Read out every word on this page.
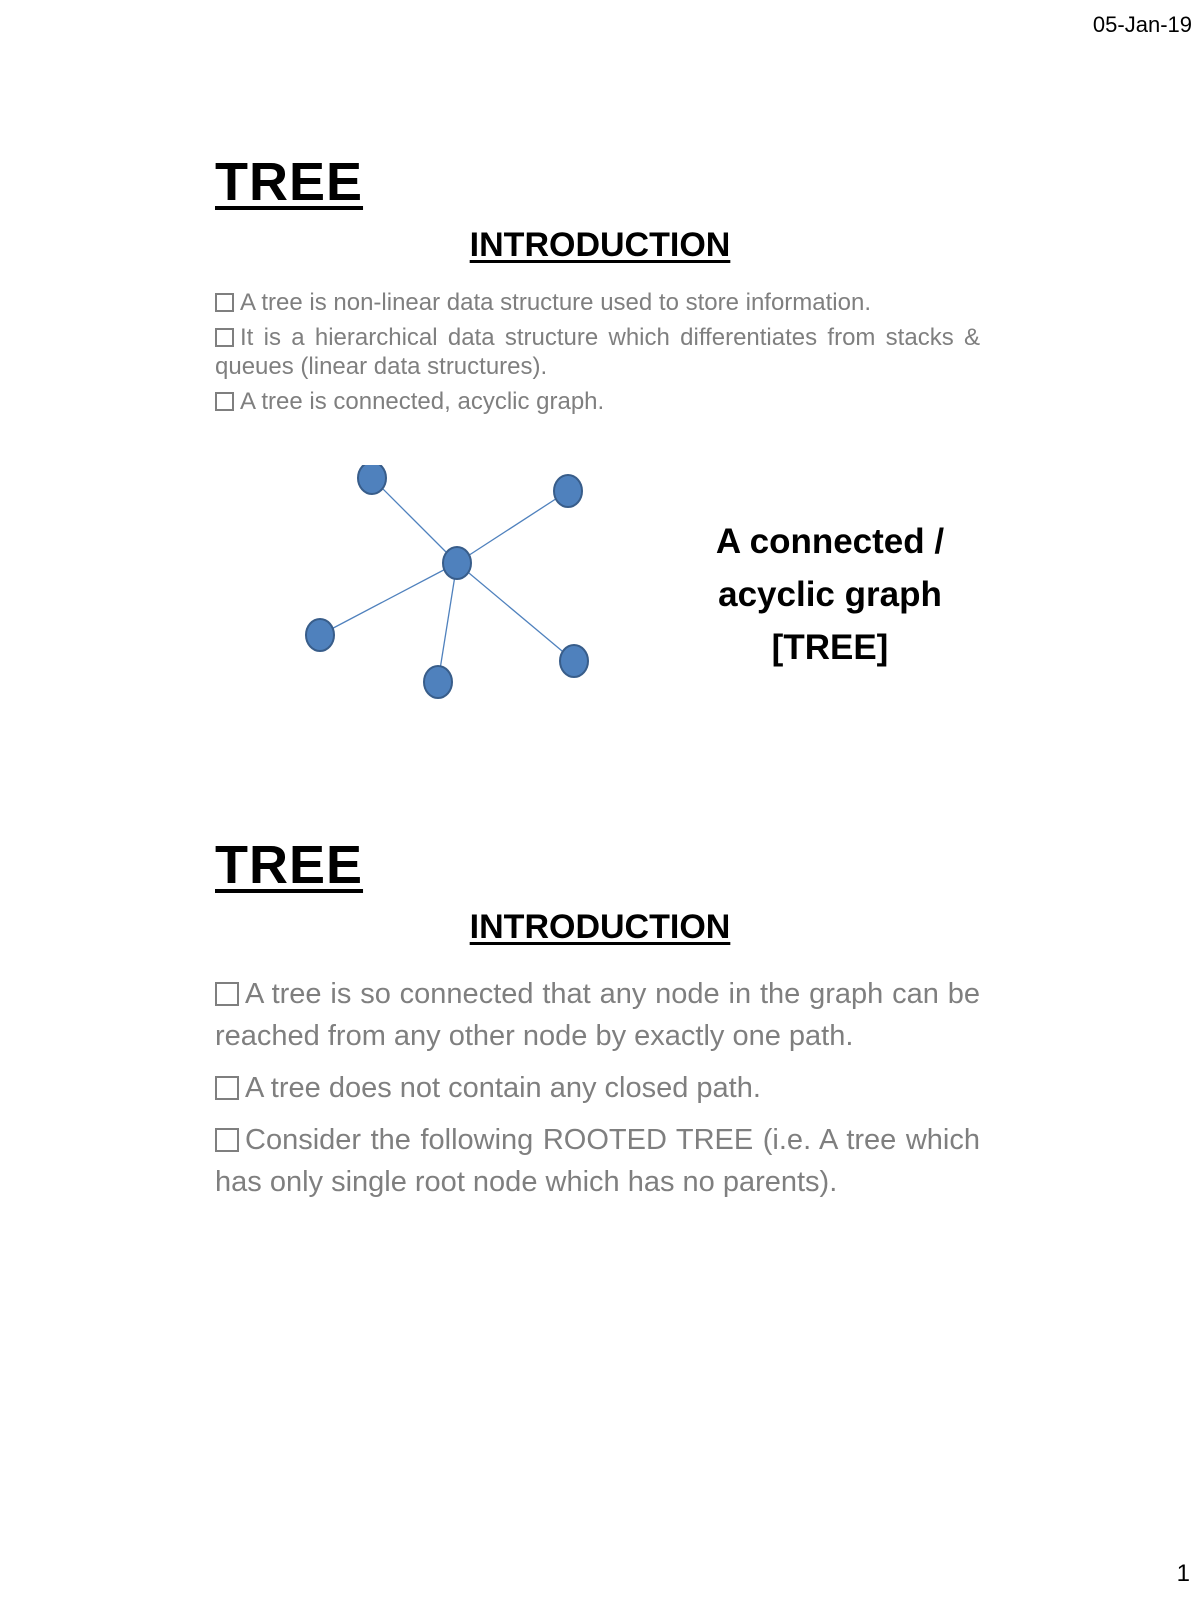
05-Jan-19
TREE
INTRODUCTION
A tree is non-linear data structure used to store information.
It is a hierarchical data structure which differentiates from stacks & queues (linear data structures).
A tree is connected, acyclic graph.
A connected /
acyclic graph
[TREE]
TREE
INTRODUCTION
A tree is so connected that any node in the graph can be reached from any other node by exactly one path.
A tree does not contain any closed path.
Consider the following ROOTED TREE (i.e. A tree which has only single root node which has no parents).
1
